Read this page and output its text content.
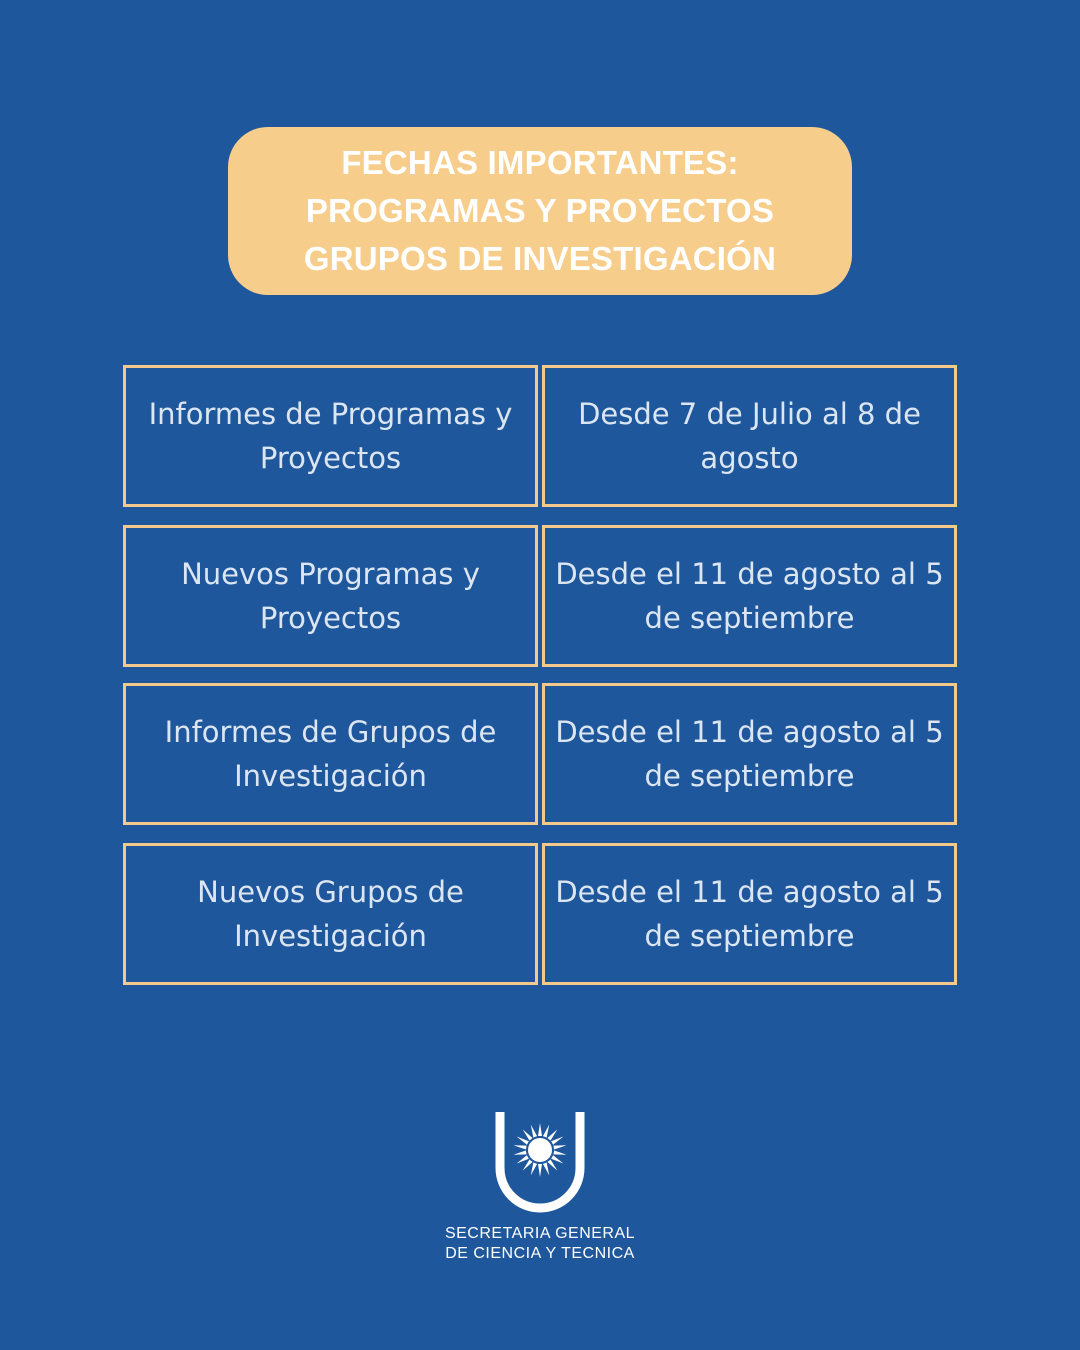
FECHAS IMPORTANTES:
PROGRAMAS Y PROYECTOS
GRUPOS DE INVESTIGACIÓN
Informes de Programas y Proyectos
Desde 7 de Julio al 8 de agosto
Nuevos Programas y Proyectos
Desde el 11 de agosto al 5 de septiembre
Informes de Grupos de Investigación
Desde el 11 de agosto al 5 de septiembre
Nuevos Grupos de Investigación
Desde el 11 de agosto al 5 de septiembre
SECRETARIA GENERAL
DE CIENCIA Y TECNICA
